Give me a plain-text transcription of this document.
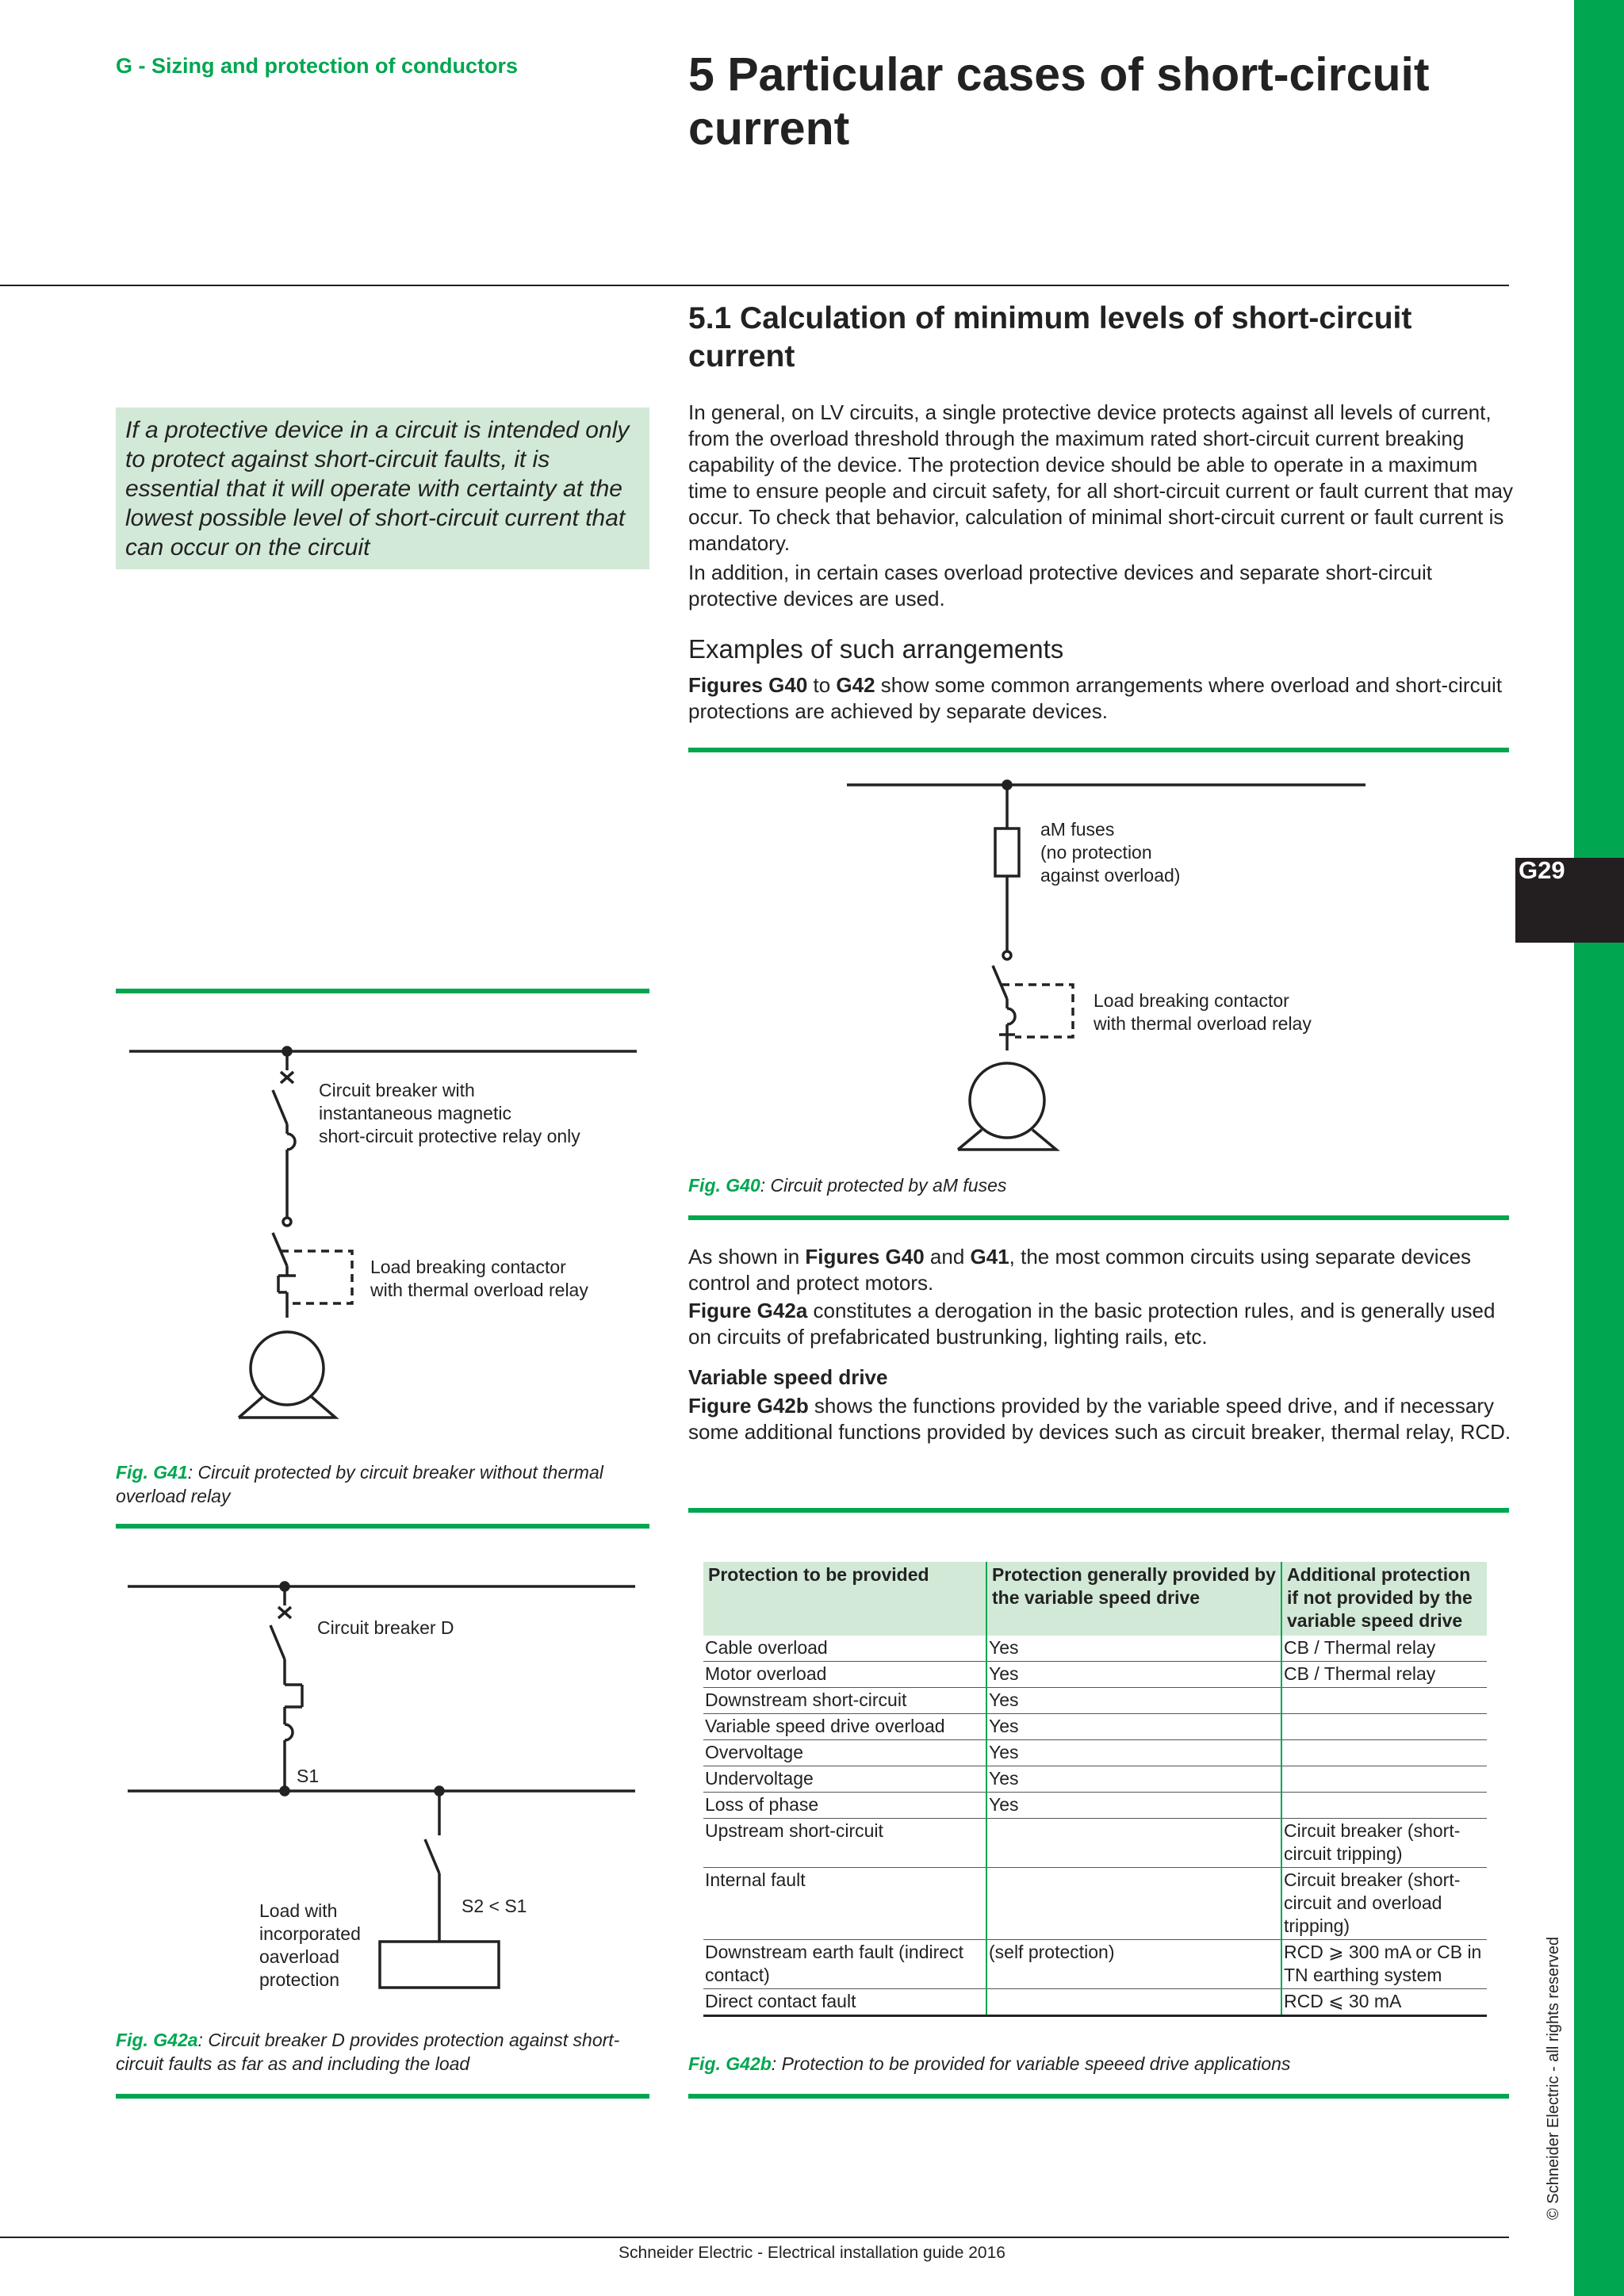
G29
© Schneider Electric - all rights reserved
G - Sizing and protection of conductors	5 Particular cases of short-circuit current
5.1 Calculation of minimum levels of short-circuit current
In general, on LV circuits, a single protective device protects against all levels of current, from the overload threshold through the maximum rated short-circuit current breaking capability of the device. The protection device should be able to operate in a maximum time to ensure people and circuit safety, for all short-circuit current or fault current that may occur. To check that behavior, calculation of minimal short-circuit current or fault current is mandatory.
In addition, in certain cases overload protective devices and separate short-circuit protective devices are used.
Examples of such arrangements
Figures G40 to G42 show some common arrangements where overload and short-circuit protections are achieved by separate devices.
If a protective device in a circuit is intended only to protect against short-circuit faults, it is essential that it will operate with certainty at the lowest possible level of short-circuit current that can occur on the circuit
aM fuses
(no protection
against overload)
Load breaking contactor
with thermal overload relay
Fig. G40: Circuit protected by aM fuses
As shown in Figures G40 and G41, the most common circuits using separate devices control and protect motors.
Figure G42a constitutes a derogation in the basic protection rules, and is generally used on circuits of prefabricated bustrunking, lighting rails, etc.
Variable speed drive
Figure G42b shows the functions provided by the variable speed drive, and if necessary some additional functions provided by devices such as circuit breaker, thermal relay, RCD.
Circuit breaker with
instantaneous magnetic
short-circuit protective relay only
Load breaking contactor
with thermal overload relay
Fig. G41: Circuit protected by circuit breaker without thermal overload relay
Circuit breaker D
S1
S2 < S1
Load with
incorporated
oaverload
protection
Fig. G42a: Circuit breaker D provides protection against short-circuit faults as far as and including the load
Protection to be provided	Protection generally provided by the variable speed drive	Additional protection if not provided by the variable speed drive
Cable overload	Yes	CB / Thermal relay
Motor overload	Yes	CB / Thermal relay
Downstream short-circuit	Yes	
Variable speed drive overload	Yes	
Overvoltage	Yes	
Undervoltage	Yes	
Loss of phase	Yes	
Upstream short-circuit		Circuit breaker (short-circuit tripping)
Internal fault		Circuit breaker (short-circuit and overload tripping)
Downstream earth fault (indirect contact)	(self protection)	RCD ⩾ 300 mA or CB in TN earthing system
Direct contact fault		RCD ⩽ 30 mA
Fig. G42b: Protection to be provided for variable speeed drive applications
Schneider Electric - Electrical installation guide 2016
